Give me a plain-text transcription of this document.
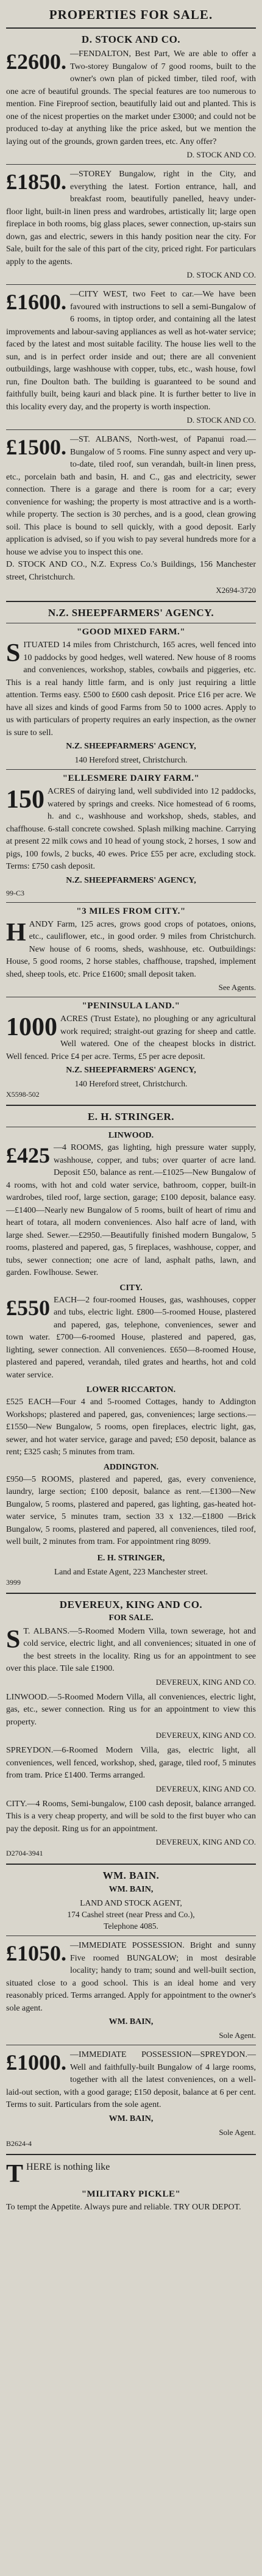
PROPERTIES FOR SALE.
D. STOCK AND CO.
£2600. —FENDALTON, Best Part, We are able to offer a Two-storey Bungalow of 7 good rooms, built to the owner's own plan of picked timber, tiled roof, with one acre of beautiful grounds. The special features are too numerous to mention. Fine Fireproof section, beautifully laid out and planted. This is one of the nicest properties on the market under £3000; and could not be produced to-day at anything like the price asked, but we mention the laying out of the grounds, grown garden trees, etc. Any offer?

D. STOCK AND CO.
£1850. —STOREY Bungalow, right in the City, and everything the latest. Fortion entrance, hall, and breakfast room, beautifully panelled, heavy under-floor light, built-in linen press and wardrobes, artistically lit; large open fireplace in both rooms, big glass places, sewer connection, up-stairs sun down, gas and electric, sewers in this handy position near the city. For Sale, built for the sale of this part of the city, priced right. For particulars apply to the agents.

D. STOCK AND CO.
£1600. —CITY WEST, two Feet to car.—We have been favoured with instructions to sell a semi-Bungalow of 6 rooms, in tiptop order, and containing all the latest improvements and labour-saving appliances as well as hot-water service; faced by the latest and most suitable facility. The house lies well to the sun, and is in perfect order inside and out; there are all convenient outbuildings, large washhouse with copper, tubs, etc., wash house, fowl run, fine Doulton bath. The building is guaranteed to be sound and faithfully built, being kauri and black pine. It is further better to live in this locality every day, and the property is worth inspection.

D. STOCK AND CO.
£1500. —ST. ALBANS, North-west, of Papanui road.—Bungalow of 5 rooms. Fine sunny aspect and very up-to-date, tiled roof, sun verandah, built-in linen press, etc., porcelain bath and basin, H. and C., gas and electricity, sewer connection. There is a garage and there is room for a car; every convenience for washing; the property is most attractive and is a worth-while property. The section is 30 perches, and is a good, clean growing soil. This place is bound to sell quickly, with a good deposit. Early application is advised, so if you wish to pay several hundreds more for a house we advise you to inspect this one.

D. STOCK AND CO., N.Z. Express Co.'s Buildings, 156 Manchester street, Christchurch.

X2694-3720
N.Z. SHEEPFARMERS' AGENCY.
"GOOD MIXED FARM."
S ITUATED 14 miles from Christchurch, 165 acres, well fenced into 10 paddocks by good hedges, well watered. New house of 8 rooms and conveniences, workshop, stables, cowbails and piggeries, etc. This is a real handy little farm, and is only just requiring a little attention. Terms easy. £500 to £600 cash deposit. Price £16 per acre. We have all sizes and kinds of good Farms from 50 to 1000 acres. Apply to us with particulars of property requires an early inspection, as the owner is sure to sell.

N.Z. SHEEPFARMERS' AGENCY,
140 Hereford street, Christchurch.
"ELLESMERE DAIRY FARM."
150 ACRES of dairying land, well subdivided into 12 paddocks, watered by springs and creeks. Nice homestead of 6 rooms, h. and c., washhouse and workshop, sheds, stables, and chaffhouse. 6-stall concrete cowshed. Splash milking machine. Carrying at present 22 milk cows and 10 head of young stock, 2 horses, 1 sow and pigs, 100 fowls, 2 bucks, 40 ewes. Price £55 per acre, excluding stock. Terms: £750 cash deposit.

N.Z. SHEEPFARMERS' AGENCY,
99-C3
"3 MILES FROM CITY."
H ANDY Farm, 125 acres, grows good crops of potatoes, onions, etc., cauliflower, etc., in good order. 9 miles from Christchurch. New house of 6 rooms, sheds, washhouse, etc. Outbuildings: House, 5 good rooms, 2 horse stables, chaffhouse, trapshed, implement shed, sheep tools, etc. Price £1600; small deposit taken.

See Agents.
"PENINSULA LAND."
1000 ACRES (Trust Estate), no ploughing or any agricultural work required; straight-out grazing for sheep and cattle. Well watered. One of the cheapest blocks in district. Well fenced. Price £4 per acre. Terms, £5 per acre deposit.

N.Z. SHEEPFARMERS' AGENCY,
140 Hereford street, Christchurch.
X5598-502
E. H. STRINGER.
LINWOOD.
£425 —4 ROOMS, gas lighting, high pressure water supply, washhouse, copper, and tubs; over quarter of acre land. Deposit £50, balance as rent.—£1025—New Bungalow of 4 rooms, with hot and cold water service, bathroom, copper, built-in wardrobes, tiled roof, large section, garage; £100 deposit, balance easy.—£1400—Nearly new Bungalow of 5 rooms, built of heart of rimu and heart of totara, all modern conveniences. Also half acre of land, with large shed. Sewer.—£2950.—Beautifully finished modern Bungalow, 5 rooms, plastered and papered, gas, 5 fireplaces, washhouse, copper, and tubs, sewer connection; one acre of land, asphalt paths, lawn, and garden. Fowlhouse. Sewer.

CITY.
£550 EACH—2 four-roomed Houses, gas, washhouses, copper and tubs, electric light. £800—5-roomed House, plastered and papered, gas, telephone, conveniences, sewer and town water. £700—6-roomed House, plastered and papered, gas, lighting, sewer connection. All conveniences. £650—8-roomed House, plastered and papered, verandah, tiled grates and hearths, hot and cold water service.

LOWER RICCARTON.

£525 EACH—Four 4 and 5-roomed Cottages, handy to Addington Workshops; plastered and papered, gas, conveniences; large sections.—£1550—New Bungalow, 5 rooms, open fireplaces, electric light, gas, sewer, and hot water service, garage and paved; £50 deposit, balance as rent; £325 cash; 5 minutes from tram.

ADDINGTON.

£950—5 ROOMS, plastered and papered, gas, every convenience, laundry, large section; £100 deposit, balance as rent.—£1300—New Bungalow, 5 rooms, plastered and papered, gas lighting, gas-heated hot-water service, 5 minutes tram, section 33 x 132.—£1800 —Brick Bungalow, 5 rooms, plastered and papered, all conveniences, tiled roof, well built, 2 minutes from tram. For appointment ring 8099.

E. H. STRINGER,
Land and Estate Agent, 223 Manchester street.
3999
DEVEREUX, KING AND CO.
FOR SALE.
S T. ALBANS.—5-Roomed Modern Villa, town sewerage, hot and cold service, electric light, and all conveniences; situated in one of the best streets in the locality. Ring us for an appointment to see over this place. Tile sale £1900.

DEVEREUX, KING AND CO.

LINWOOD.—5-Roomed Modern Villa, all conveniences, electric light, gas, etc., sewer connection. Ring us for an appointment to view this property.

DEVEREUX, KING AND CO.

SPREYDON.—6-Roomed Modern Villa, gas, electric light, all conveniences, well fenced, workshop, shed, garage, tiled roof, 5 minutes from tram. Price £1400. Terms arranged.

DEVEREUX, KING AND CO.

CITY.—4 Rooms, Semi-bungalow, £100 cash deposit, balance arranged. This is a very cheap property, and will be sold to the first buyer who can pay the deposit. Ring us for an appointment.

DEVEREUX, KING AND CO.
D2704-3941
WM. BAIN.
WM. BAIN,
LAND AND STOCK AGENT,
174 Cashel street (near Press and Co.),
Telephone 4085.
£1050. —IMMEDIATE POSSESSION. Bright and sunny Five roomed BUNGALOW; in most desirable locality; handy to tram; sound and well-built section, situated close to a good school. This is an ideal home and very reasonably priced. Terms arranged. Apply for appointment to the owner's sole agent.

WM. BAIN,
Sole Agent.
£1000. —IMMEDIATE POSSESSION—SPREYDON.—Well and faithfully-built Bungalow of 4 large rooms, together with all the latest conveniences, on a well-laid-out section, with a good garage; £150 deposit, balance at 6 per cent. Terms to suit. Particulars from the sole agent.

WM. BAIN,
Sole Agent.
B2624-4
T HERE is nothing like

"MILITARY PICKLE"

To tempt the Appetite. Always pure and reliable. TRY OUR DEPOT.
